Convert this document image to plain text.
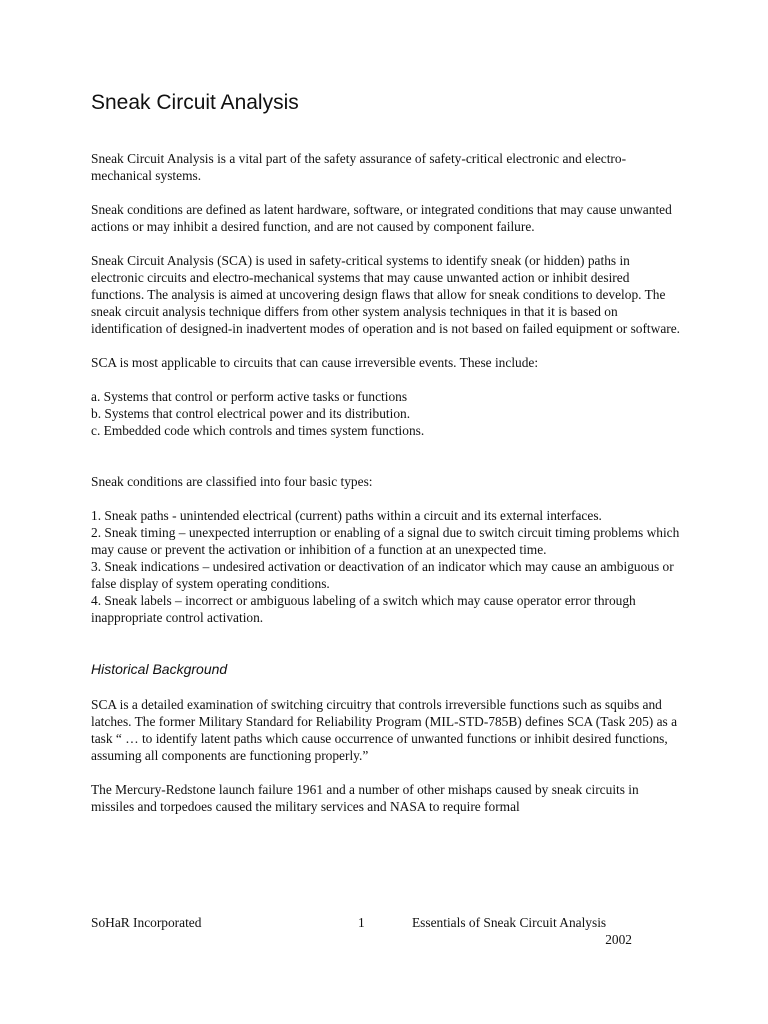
Sneak Circuit Analysis

Sneak Circuit Analysis is a vital part of the safety assurance of safety-critical electronic and electro-mechanical systems.

Sneak conditions are defined as latent hardware, software, or integrated conditions that may cause unwanted actions or may inhibit a desired function, and are not caused by component failure.

Sneak Circuit Analysis (SCA) is used in safety-critical systems to identify sneak (or hidden) paths in electronic circuits and electro-mechanical systems that may cause unwanted action or inhibit desired functions. The analysis is aimed at uncovering design flaws that allow for sneak conditions to develop. The sneak circuit analysis technique differs from other system analysis techniques in that it is based on identification of designed-in inadvertent modes of operation and is not based on failed equipment or software.

SCA is most applicable to circuits that can cause irreversible events. These include:

a. Systems that control or perform active tasks or functions
b. Systems that control electrical power and its distribution.
c. Embedded code which controls and times system functions.

Sneak conditions are classified into four basic types:

1. Sneak paths - unintended electrical (current) paths within a circuit and its external interfaces.
2. Sneak timing – unexpected interruption or enabling of a signal due to switch circuit timing problems which may cause or prevent the activation or inhibition of a function at an unexpected time.
3. Sneak indications – undesired activation or deactivation of an indicator which may cause an ambiguous or false display of system operating conditions.
4. Sneak labels – incorrect or ambiguous labeling of a switch which may cause operator error through inappropriate control activation.
Historical Background

SCA is a detailed examination of switching circuitry that controls irreversible functions such as squibs and latches. The former Military Standard for Reliability Program (MIL-STD-785B) defines SCA (Task 205) as a task “ … to identify latent paths which cause occurrence of unwanted functions or inhibit desired functions, assuming all components are functioning properly.”

The Mercury-Redstone launch failure 1961 and a number of other mishaps caused by sneak circuits in missiles and torpedoes caused the military services and NASA to require formal

SoHaR Incorporated	1	Essentials of Sneak Circuit Analysis
2002
